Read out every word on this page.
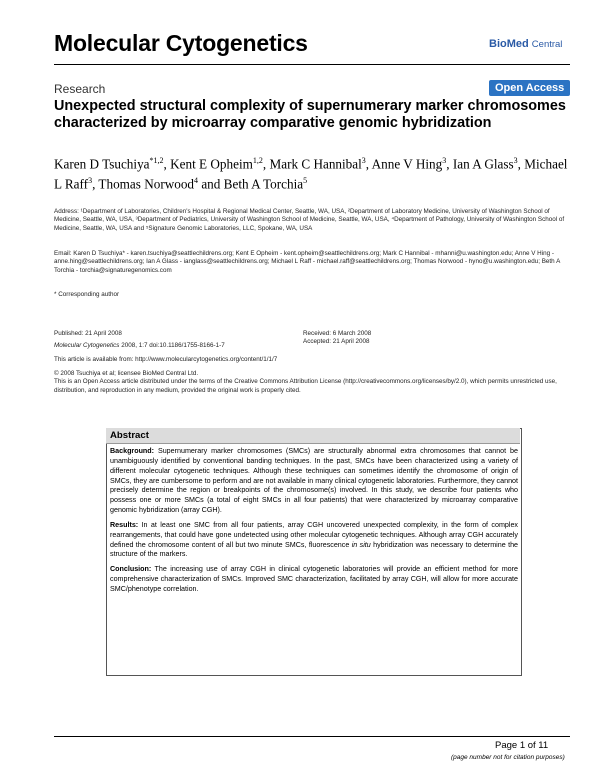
Molecular Cytogenetics	BioMed Central
Research	Open Access
Unexpected structural complexity of supernumerary marker chromosomes characterized by microarray comparative genomic hybridization
Karen D Tsuchiya$^{*1,2}$, Kent E Opheim$^{1,2}$, Mark C Hannibal$^3$, Anne V Hing$^3$, Ian A Glass$^3$, Michael L Raff$^3$, Thomas Norwood$^4$ and Beth A Torchia$^5$
Address: ¹Department of Laboratories, Children's Hospital & Regional Medical Center, Seattle, WA, USA, ²Department of Laboratory Medicine, University of Washington School of Medicine, Seattle, WA, USA, ³Department of Pediatrics, University of Washington School of Medicine, Seattle, WA, USA, ⁴Department of Pathology, University of Washington School of Medicine, Seattle, WA, USA and ⁵Signature Genomic Laboratories, LLC, Spokane, WA, USA
Email: Karen D Tsuchiya* - karen.tsuchiya@seattlechildrens.org; Kent E Opheim - kent.opheim@seattlechildrens.org; Mark C Hannibal - mhanni@u.washington.edu; Anne V Hing - anne.hing@seattlechildrens.org; Ian A Glass - ianglass@seattlechildrens.org; Michael L Raff - michael.raff@seattlechildrens.org; Thomas Norwood - hyno@u.washington.edu; Beth A Torchia - torchia@signaturegenomics.com
* Corresponding author
Published: 21 April 2008	Received: 6 March 2008
Accepted: 21 April 2008
Molecular Cytogenetics 2008, 1:7 doi:10.1186/1755-8166-1-7
This article is available from: http://www.molecularcytogenetics.org/content/1/1/7
© 2008 Tsuchiya et al; licensee BioMed Central Ltd.
This is an Open Access article distributed under the terms of the Creative Commons Attribution License (http://creativecommons.org/licenses/by/2.0), which permits unrestricted use, distribution, and reproduction in any medium, provided the original work is properly cited.
Abstract

Background: Supernumerary marker chromosomes (SMCs) are structurally abnormal extra chromosomes that cannot be unambiguously identified by conventional banding techniques. In the past, SMCs have been characterized using a variety of different molecular cytogenetic techniques. Although these techniques can sometimes identify the chromosome of origin of SMCs, they are cumbersome to perform and are not available in many clinical cytogenetic laboratories. Furthermore, they cannot precisely determine the region or breakpoints of the chromosome(s) involved. In this study, we describe four patients who possess one or more SMCs (a total of eight SMCs in all four patients) that were characterized by microarray comparative genomic hybridization (array CGH).

Results: In at least one SMC from all four patients, array CGH uncovered unexpected complexity, in the form of complex rearrangements, that could have gone undetected using other molecular cytogenetic techniques. Although array CGH accurately defined the chromosome content of all but two minute SMCs, fluorescence in situ hybridization was necessary to determine the structure of the markers.

Conclusion: The increasing use of array CGH in clinical cytogenetic laboratories will provide an efficient method for more comprehensive characterization of SMCs. Improved SMC characterization, facilitated by array CGH, will allow for more accurate SMC/phenotype correlation.

Page 1 of 11
(page number not for citation purposes)
